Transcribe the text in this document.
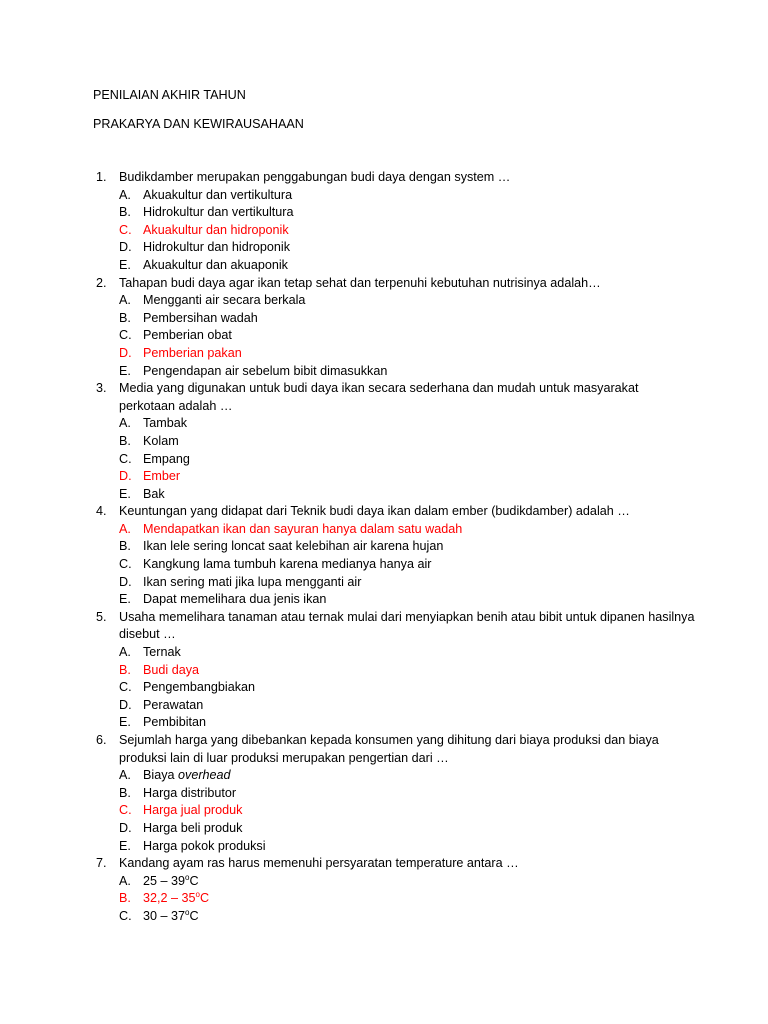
PENILAIAN AKHIR TAHUN

PRAKARYA DAN KEWIRAUSAHAAN

1. Budikdamber merupakan penggabungan budi daya dengan system …
A. Akuakultur dan vertikultura
B. Hidrokultur dan vertikultura
C. Akuakultur dan hidroponik
D. Hidrokultur dan hidroponik
E. Akuakultur dan akuaponik
2. Tahapan budi daya agar ikan tetap sehat dan terpenuhi kebutuhan nutrisinya adalah…
A. Mengganti air secara berkala
B. Pembersihan wadah
C. Pemberian obat
D. Pemberian pakan
E. Pengendapan air sebelum bibit dimasukkan
3. Media yang digunakan untuk budi daya ikan secara sederhana dan mudah untuk masyarakat perkotaan adalah …
A. Tambak
B. Kolam
C. Empang
D. Ember
E. Bak
4. Keuntungan yang didapat dari Teknik budi daya ikan dalam ember (budikdamber) adalah …
A. Mendapatkan ikan dan sayuran hanya dalam satu wadah
B. Ikan lele sering loncat saat kelebihan air karena hujan
C. Kangkung lama tumbuh karena medianya hanya air
D. Ikan sering mati jika lupa mengganti air
E. Dapat memelihara dua jenis ikan
5. Usaha memelihara tanaman atau ternak mulai dari menyiapkan benih atau bibit untuk dipanen hasilnya disebut …
A. Ternak
B. Budi daya
C. Pengembangbiakan
D. Perawatan
E. Pembibitan
6. Sejumlah harga yang dibebankan kepada konsumen yang dihitung dari biaya produksi dan biaya produksi lain di luar produksi merupakan pengertian dari …
A. Biaya overhead
B. Harga distributor
C. Harga jual produk
D. Harga beli produk
E. Harga pokok produksi
7. Kandang ayam ras harus memenuhi persyaratan temperature antara …
A. 25 – 39$^o$C
B. 32,2 – 35$^o$C
C. 30 – 37$^o$C
